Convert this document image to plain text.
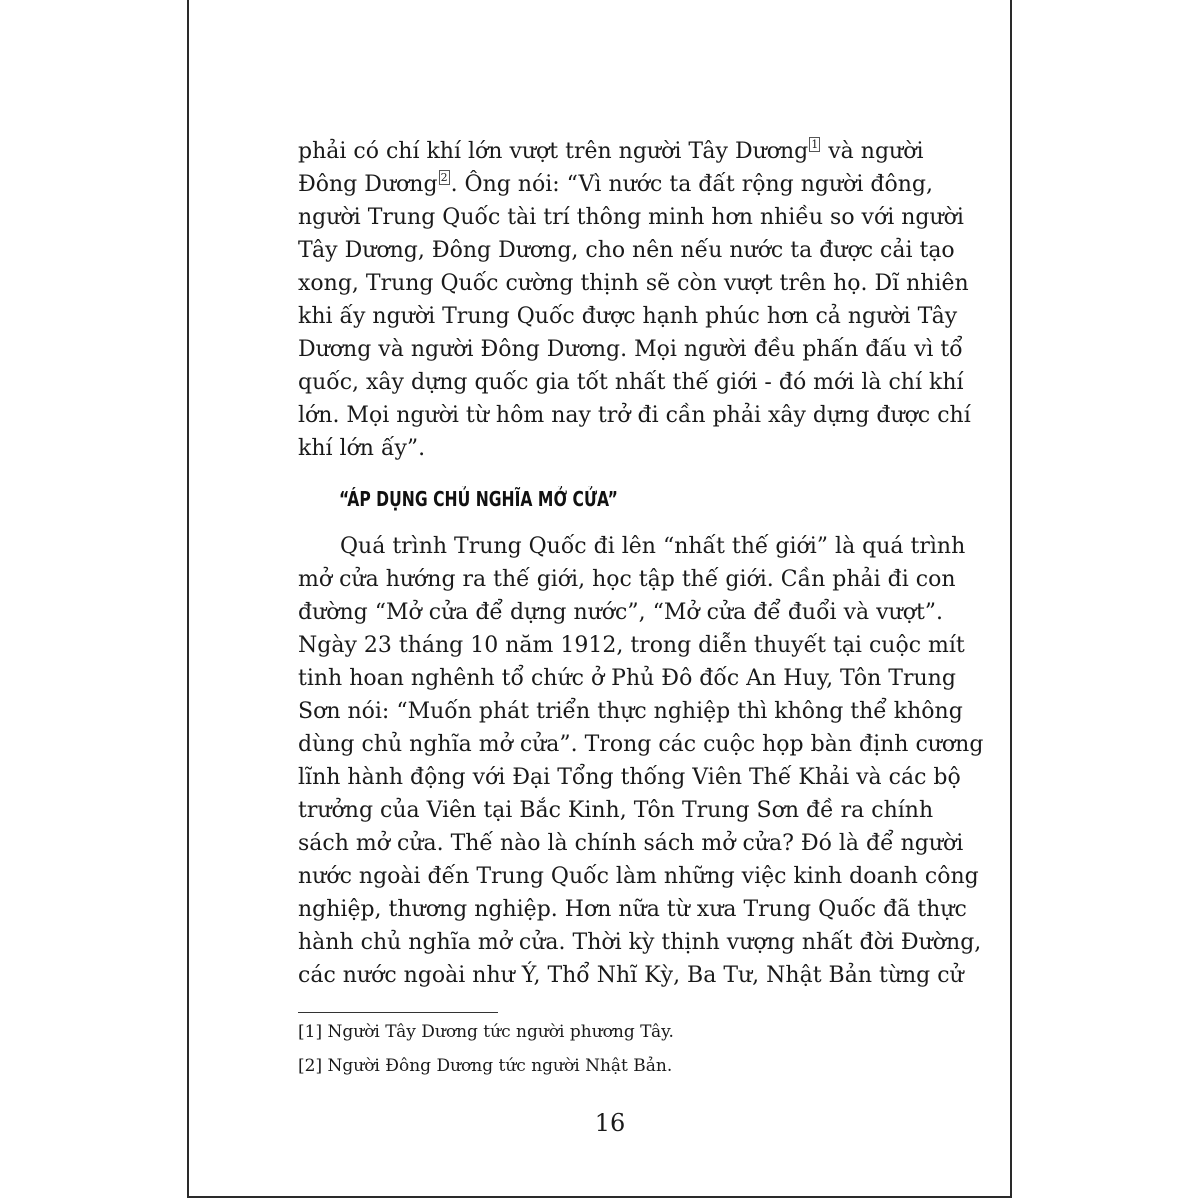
phải có chí khí lớn vượt trên người Tây Dương $^1$ và người
Đông Dương $^2$ . Ông nói: “Vì nước ta đất rộng người đông,
người Trung Quốc tài trí thông minh hơn nhiều so với người
Tây Dương, Đông Dương, cho nên nếu nước ta được cải tạo
xong, Trung Quốc cường thịnh sẽ còn vượt trên họ. Dĩ nhiên
khi ấy người Trung Quốc được hạnh phúc hơn cả người Tây
Dương và người Đông Dương. Mọi người đều phấn đấu vì tổ
quốc, xây dựng quốc gia tốt nhất thế giới - đó mới là chí khí
lớn. Mọi người từ hôm nay trở đi cần phải xây dựng được chí
khí lớn ấy”.
“ÁP DỤNG CHỦ NGHĨA MỞ CỬA”
Quá trình Trung Quốc đi lên “nhất thế giới” là quá trình
mở cửa hướng ra thế giới, học tập thế giới. Cần phải đi con
đường “Mở cửa để dựng nước”, “Mở cửa để đuổi và vượt”.
Ngày 23 tháng 10 năm 1912, trong diễn thuyết tại cuộc mít
tinh hoan nghênh tổ chức ở Phủ Đô đốc An Huy, Tôn Trung
Sơn nói: “Muốn phát triển thực nghiệp thì không thể không
dùng chủ nghĩa mở cửa”. Trong các cuộc họp bàn định cương
lĩnh hành động với Đại Tổng thống Viên Thế Khải và các bộ
trưởng của Viên tại Bắc Kinh, Tôn Trung Sơn đề ra chính
sách mở cửa. Thế nào là chính sách mở cửa? Đó là để người
nước ngoài đến Trung Quốc làm những việc kinh doanh công
nghiệp, thương nghiệp. Hơn nữa từ xưa Trung Quốc đã thực
hành chủ nghĩa mở cửa. Thời kỳ thịnh vượng nhất đời Đường,
các nước ngoài như Ý, Thổ Nhĩ Kỳ, Ba Tư, Nhật Bản từng cử
[1] Người Tây Dương tức người phương Tây.
[2] Người Đông Dương tức người Nhật Bản.
16
